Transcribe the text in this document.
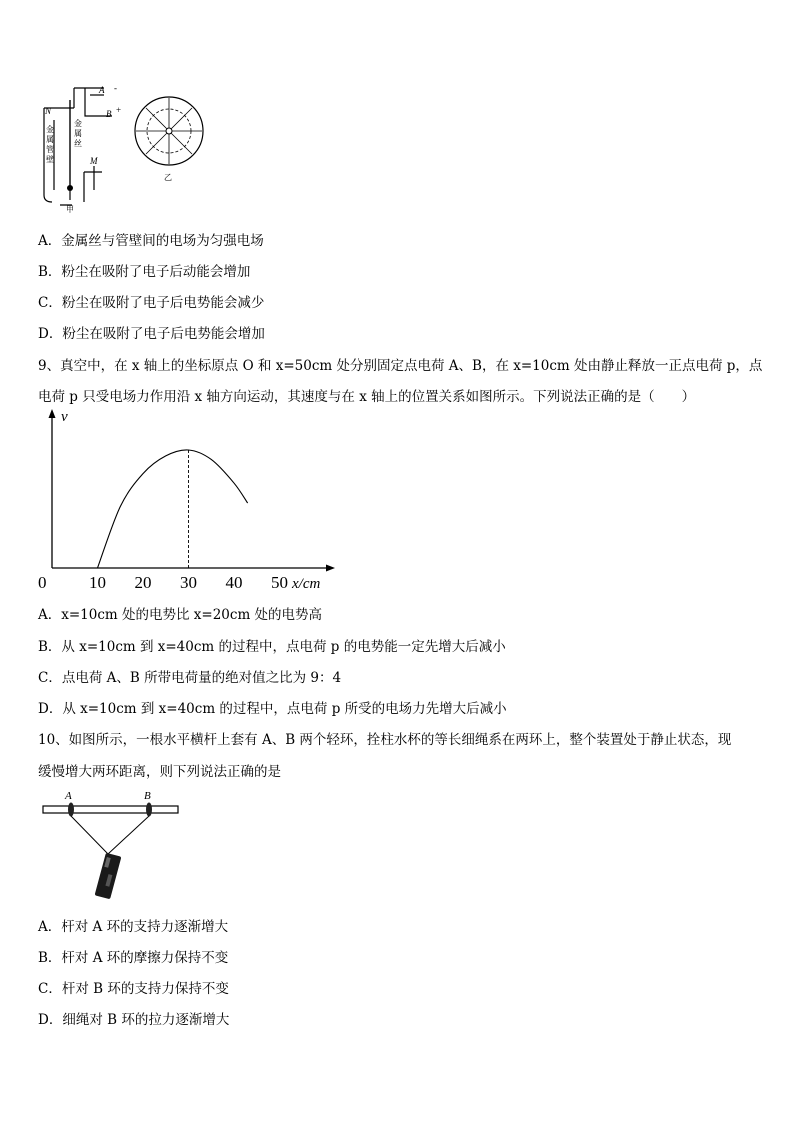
N
A
B
-
+
M
金
属
管
壁
金
属
丝
甲
乙
A．金属丝与管壁间的电场为匀强电场
B．粉尘在吸附了电子后动能会增加
C．粉尘在吸附了电子后电势能会减少
D．粉尘在吸附了电子后电势能会增加
9、真空中，在 x 轴上的坐标原点 O 和 x=50cm 处分别固定点电荷 A、B，在 x=10cm 处由静止释放一正点电荷 p，点
电荷 p 只受电场力作用沿 x 轴方向运动，其速度与在 x 轴上的位置关系如图所示。下列说法正确的是（　　）
v
0	x/cm
10 20 30 40 50
A．x=10cm 处的电势比 x=20cm 处的电势高
B．从 x=10cm 到 x=40cm 的过程中，点电荷 p 的电势能一定先增大后减小
C．点电荷 A、B 所带电荷量的绝对值之比为 9：4
D．从 x=10cm 到 x=40cm 的过程中，点电荷 p 所受的电场力先增大后减小
10、如图所示，一根水平横杆上套有 A、B 两个轻环，拴柱水杯的等长细绳系在两环上，整个装置处于静止状态，现
缓慢增大两环距离，则下列说法正确的是
A	B
A．杆对 A 环的支持力逐渐增大
B．杆对 A 环的摩擦力保持不变
C．杆对 B 环的支持力保持不变
D．细绳对 B 环的拉力逐渐增大
